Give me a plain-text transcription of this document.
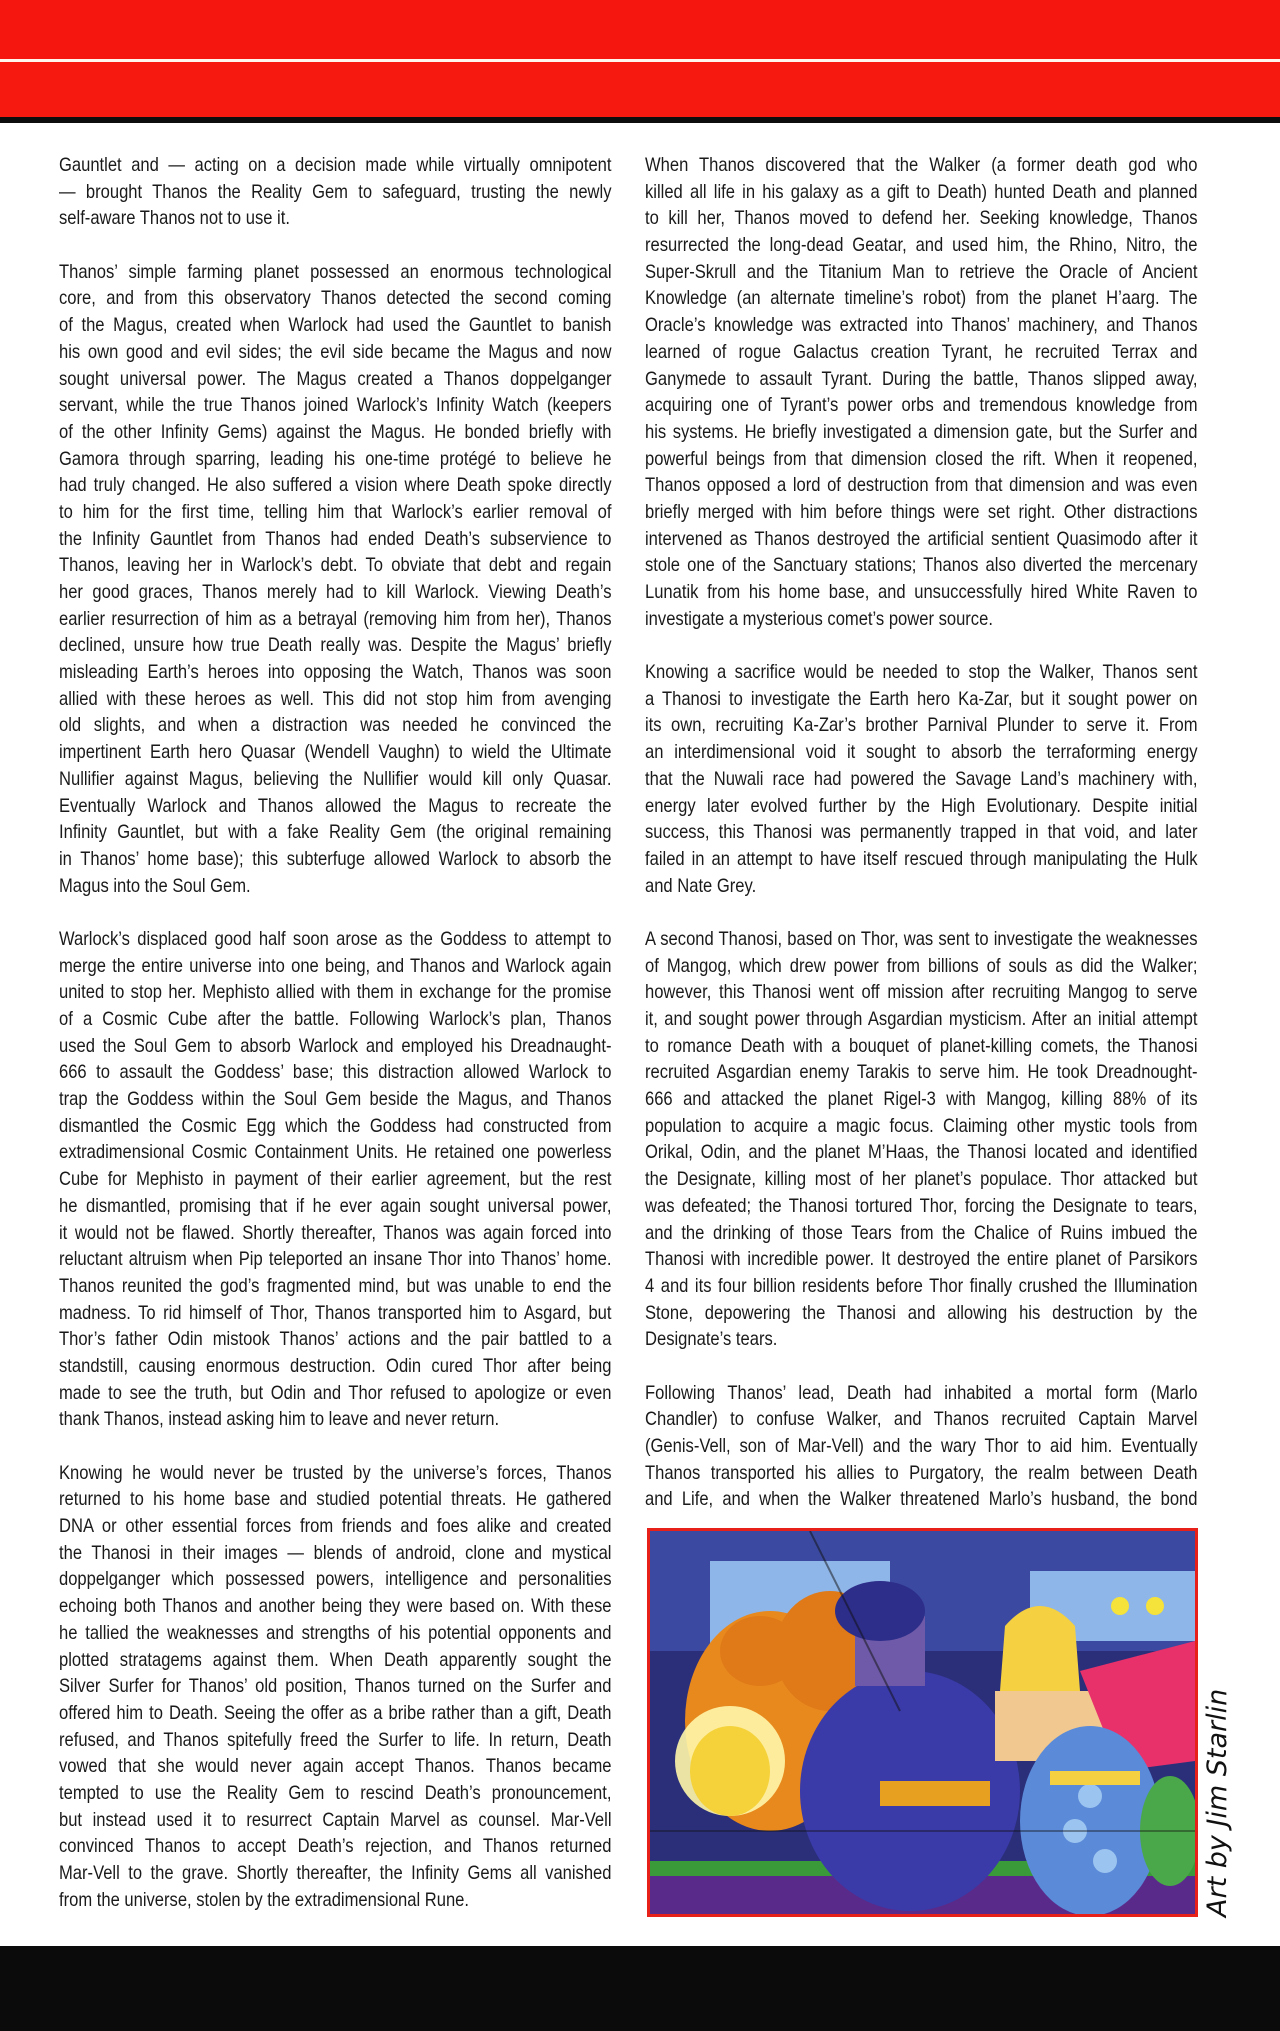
Gauntlet and — acting on a decision made while virtually omnipotent
— brought Thanos the Reality Gem to safeguard, trusting the newly
self-aware Thanos not to use it.
Thanos’ simple farming planet possessed an enormous technological
core, and from this observatory Thanos detected the second coming
of the Magus, created when Warlock had used the Gauntlet to banish
his own good and evil sides; the evil side became the Magus and now
sought universal power. The Magus created a Thanos doppelganger
servant, while the true Thanos joined Warlock’s Infinity Watch (keepers
of the other Infinity Gems) against the Magus. He bonded briefly with
Gamora through sparring, leading his one-time protégé to believe he
had truly changed. He also suffered a vision where Death spoke directly
to him for the first time, telling him that Warlock’s earlier removal of
the Infinity Gauntlet from Thanos had ended Death’s subservience to
Thanos, leaving her in Warlock’s debt. To obviate that debt and regain
her good graces, Thanos merely had to kill Warlock. Viewing Death’s
earlier resurrection of him as a betrayal (removing him from her), Thanos
declined, unsure how true Death really was. Despite the Magus’ briefly
misleading Earth’s heroes into opposing the Watch, Thanos was soon
allied with these heroes as well. This did not stop him from avenging
old slights, and when a distraction was needed he convinced the
impertinent Earth hero Quasar (Wendell Vaughn) to wield the Ultimate
Nullifier against Magus, believing the Nullifier would kill only Quasar.
Eventually Warlock and Thanos allowed the Magus to recreate the
Infinity Gauntlet, but with a fake Reality Gem (the original remaining
in Thanos’ home base); this subterfuge allowed Warlock to absorb the
Magus into the Soul Gem.
Warlock’s displaced good half soon arose as the Goddess to attempt to
merge the entire universe into one being, and Thanos and Warlock again
united to stop her. Mephisto allied with them in exchange for the promise
of a Cosmic Cube after the battle. Following Warlock’s plan, Thanos
used the Soul Gem to absorb Warlock and employed his Dreadnaught-
666 to assault the Goddess’ base; this distraction allowed Warlock to
trap the Goddess within the Soul Gem beside the Magus, and Thanos
dismantled the Cosmic Egg which the Goddess had constructed from
extradimensional Cosmic Containment Units. He retained one powerless
Cube for Mephisto in payment of their earlier agreement, but the rest
he dismantled, promising that if he ever again sought universal power,
it would not be flawed. Shortly thereafter, Thanos was again forced into
reluctant altruism when Pip teleported an insane Thor into Thanos’ home.
Thanos reunited the god’s fragmented mind, but was unable to end the
madness. To rid himself of Thor, Thanos transported him to Asgard, but
Thor’s father Odin mistook Thanos’ actions and the pair battled to a
standstill, causing enormous destruction. Odin cured Thor after being
made to see the truth, but Odin and Thor refused to apologize or even
thank Thanos, instead asking him to leave and never return.
Knowing he would never be trusted by the universe’s forces, Thanos
returned to his home base and studied potential threats. He gathered
DNA or other essential forces from friends and foes alike and created
the Thanosi in their images — blends of android, clone and mystical
doppelganger which possessed powers, intelligence and personalities
echoing both Thanos and another being they were based on. With these
he tallied the weaknesses and strengths of his potential opponents and
plotted stratagems against them. When Death apparently sought the
Silver Surfer for Thanos’ old position, Thanos turned on the Surfer and
offered him to Death. Seeing the offer as a bribe rather than a gift, Death
refused, and Thanos spitefully freed the Surfer to life. In return, Death
vowed that she would never again accept Thanos. Thanos became
tempted to use the Reality Gem to rescind Death’s pronouncement,
but instead used it to resurrect Captain Marvel as counsel. Mar-Vell
convinced Thanos to accept Death’s rejection, and Thanos returned
Mar-Vell to the grave. Shortly thereafter, the Infinity Gems all vanished
from the universe, stolen by the extradimensional Rune.
When Thanos discovered that the Walker (a former death god who
killed all life in his galaxy as a gift to Death) hunted Death and planned
to kill her, Thanos moved to defend her. Seeking knowledge, Thanos
resurrected the long-dead Geatar, and used him, the Rhino, Nitro, the
Super-Skrull and the Titanium Man to retrieve the Oracle of Ancient
Knowledge (an alternate timeline’s robot) from the planet H’aarg. The
Oracle’s knowledge was extracted into Thanos’ machinery, and Thanos
learned of rogue Galactus creation Tyrant, he recruited Terrax and
Ganymede to assault Tyrant. During the battle, Thanos slipped away,
acquiring one of Tyrant’s power orbs and tremendous knowledge from
his systems. He briefly investigated a dimension gate, but the Surfer and
powerful beings from that dimension closed the rift. When it reopened,
Thanos opposed a lord of destruction from that dimension and was even
briefly merged with him before things were set right. Other distractions
intervened as Thanos destroyed the artificial sentient Quasimodo after it
stole one of the Sanctuary stations; Thanos also diverted the mercenary
Lunatik from his home base, and unsuccessfully hired White Raven to
investigate a mysterious comet’s power source.
Knowing a sacrifice would be needed to stop the Walker, Thanos sent
a Thanosi to investigate the Earth hero Ka-Zar, but it sought power on
its own, recruiting Ka-Zar’s brother Parnival Plunder to serve it. From
an interdimensional void it sought to absorb the terraforming energy
that the Nuwali race had powered the Savage Land’s machinery with,
energy later evolved further by the High Evolutionary. Despite initial
success, this Thanosi was permanently trapped in that void, and later
failed in an attempt to have itself rescued through manipulating the Hulk
and Nate Grey.
A second Thanosi, based on Thor, was sent to investigate the weaknesses
of Mangog, which drew power from billions of souls as did the Walker;
however, this Thanosi went off mission after recruiting Mangog to serve
it, and sought power through Asgardian mysticism. After an initial attempt
to romance Death with a bouquet of planet-killing comets, the Thanosi
recruited Asgardian enemy Tarakis to serve him. He took Dreadnought-
666 and attacked the planet Rigel-3 with Mangog, killing 88% of its
population to acquire a magic focus. Claiming other mystic tools from
Orikal, Odin, and the planet M’Haas, the Thanosi located and identified
the Designate, killing most of her planet’s populace. Thor attacked but
was defeated; the Thanosi tortured Thor, forcing the Designate to tears,
and the drinking of those Tears from the Chalice of Ruins imbued the
Thanosi with incredible power. It destroyed the entire planet of Parsikors
4 and its four billion residents before Thor finally crushed the Illumination
Stone, depowering the Thanosi and allowing his destruction by the
Designate’s tears.
Following Thanos’ lead, Death had inhabited a mortal form (Marlo
Chandler) to confuse Walker, and Thanos recruited Captain Marvel
(Genis-Vell, son of Mar-Vell) and the wary Thor to aid him. Eventually
Thanos transported his allies to Purgatory, the realm between Death
and Life, and when the Walker threatened Marlo’s husband, the bond
Art by Jim Starlin
